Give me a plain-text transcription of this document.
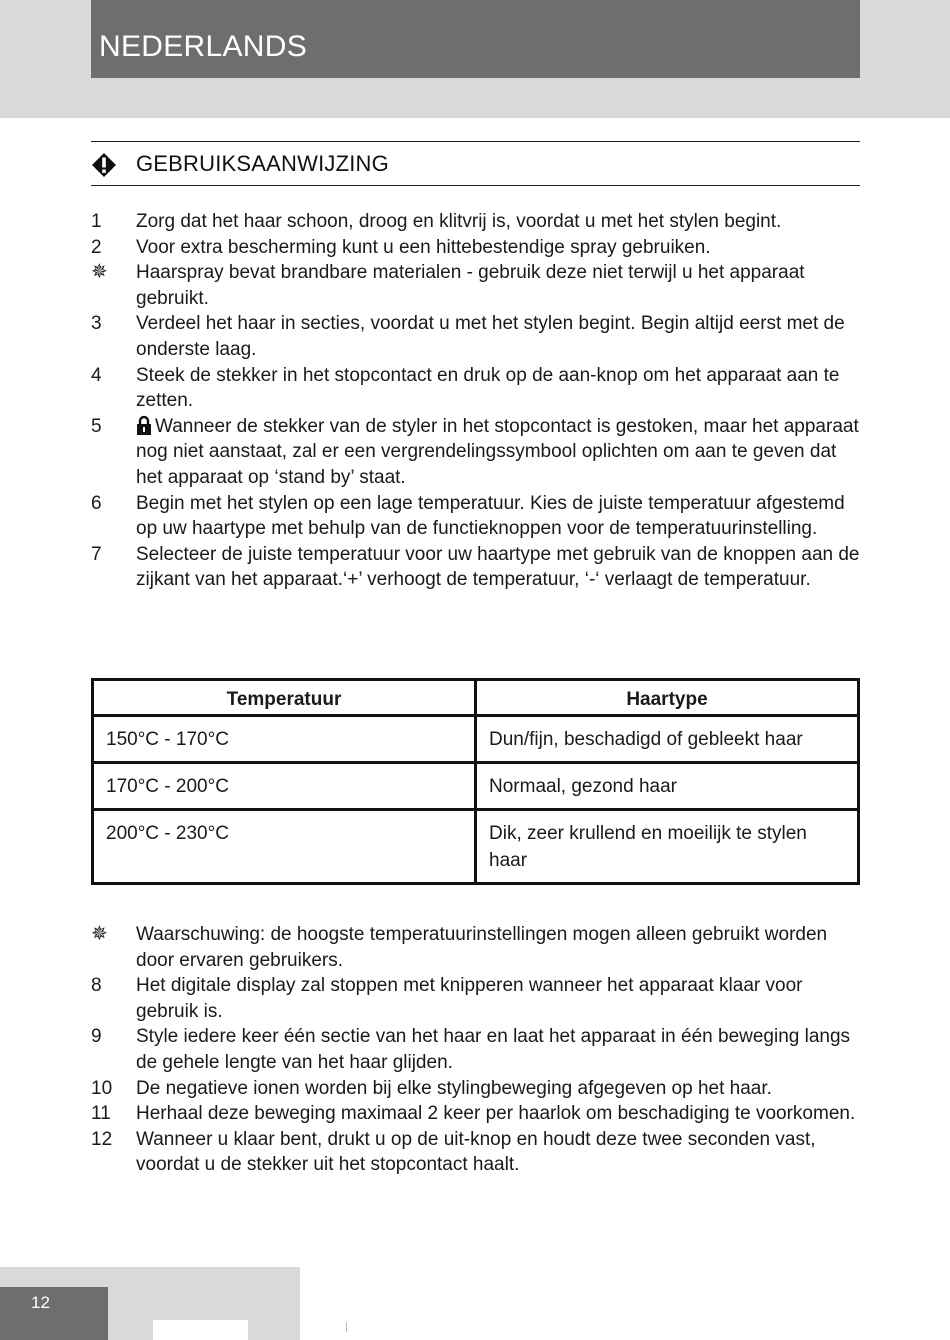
NEDERLANDS
GEBRUIKSAANWIJZING
1	Zorg dat het haar schoon, droog en klitvrij is, voordat u met het stylen begint.
2	Voor extra bescherming kunt u een hittebestendige spray gebruiken.
✵	Haarspray bevat brandbare materialen - gebruik deze niet terwijl u het apparaat gebruikt.
3	Verdeel het haar in secties, voordat u met het stylen begint. Begin altijd eerst met de onderste laag.
4	Steek de stekker in het stopcontact en druk op de aan-knop om het apparaat aan te zetten.
5	Wanneer de stekker van de styler in het stopcontact is gestoken, maar het apparaat nog niet aanstaat, zal er een vergrendelingssymbool oplichten om aan te geven dat het apparaat op ‘stand by’ staat.
6	Begin met het stylen op een lage temperatuur. Kies de juiste temperatuur afgestemd op uw haartype met behulp van de functieknoppen voor de temperatuurinstelling.
7	Selecteer de juiste temperatuur voor uw haartype met gebruik van de knoppen aan de zijkant van het apparaat.‘+’ verhoogt de temperatuur, ‘-‘ verlaagt de temperatuur.
Temperatuur	Haartype
150°C - 170°C	Dun/fijn, beschadigd of gebleekt haar
170°C - 200°C	Normaal, gezond haar
200°C - 230°C	Dik, zeer krullend en moeilijk te stylen haar
✵	Waarschuwing: de hoogste temperatuurinstellingen mogen alleen gebruikt worden door ervaren gebruikers.
8	Het digitale display zal stoppen met knipperen wanneer het apparaat klaar voor gebruik is.
9	Style iedere keer één sectie van het haar en laat het apparaat in één beweging langs de gehele lengte van het haar glijden.
10	De negatieve ionen worden bij elke stylingbeweging afgegeven op het haar.
11	Herhaal deze beweging maximaal 2 keer per haarlok om beschadiging te voorkomen.
12	Wanneer u klaar bent, drukt u op de uit-knop en houdt deze twee seconden vast, voordat u de stekker uit het stopcontact haalt.
12
